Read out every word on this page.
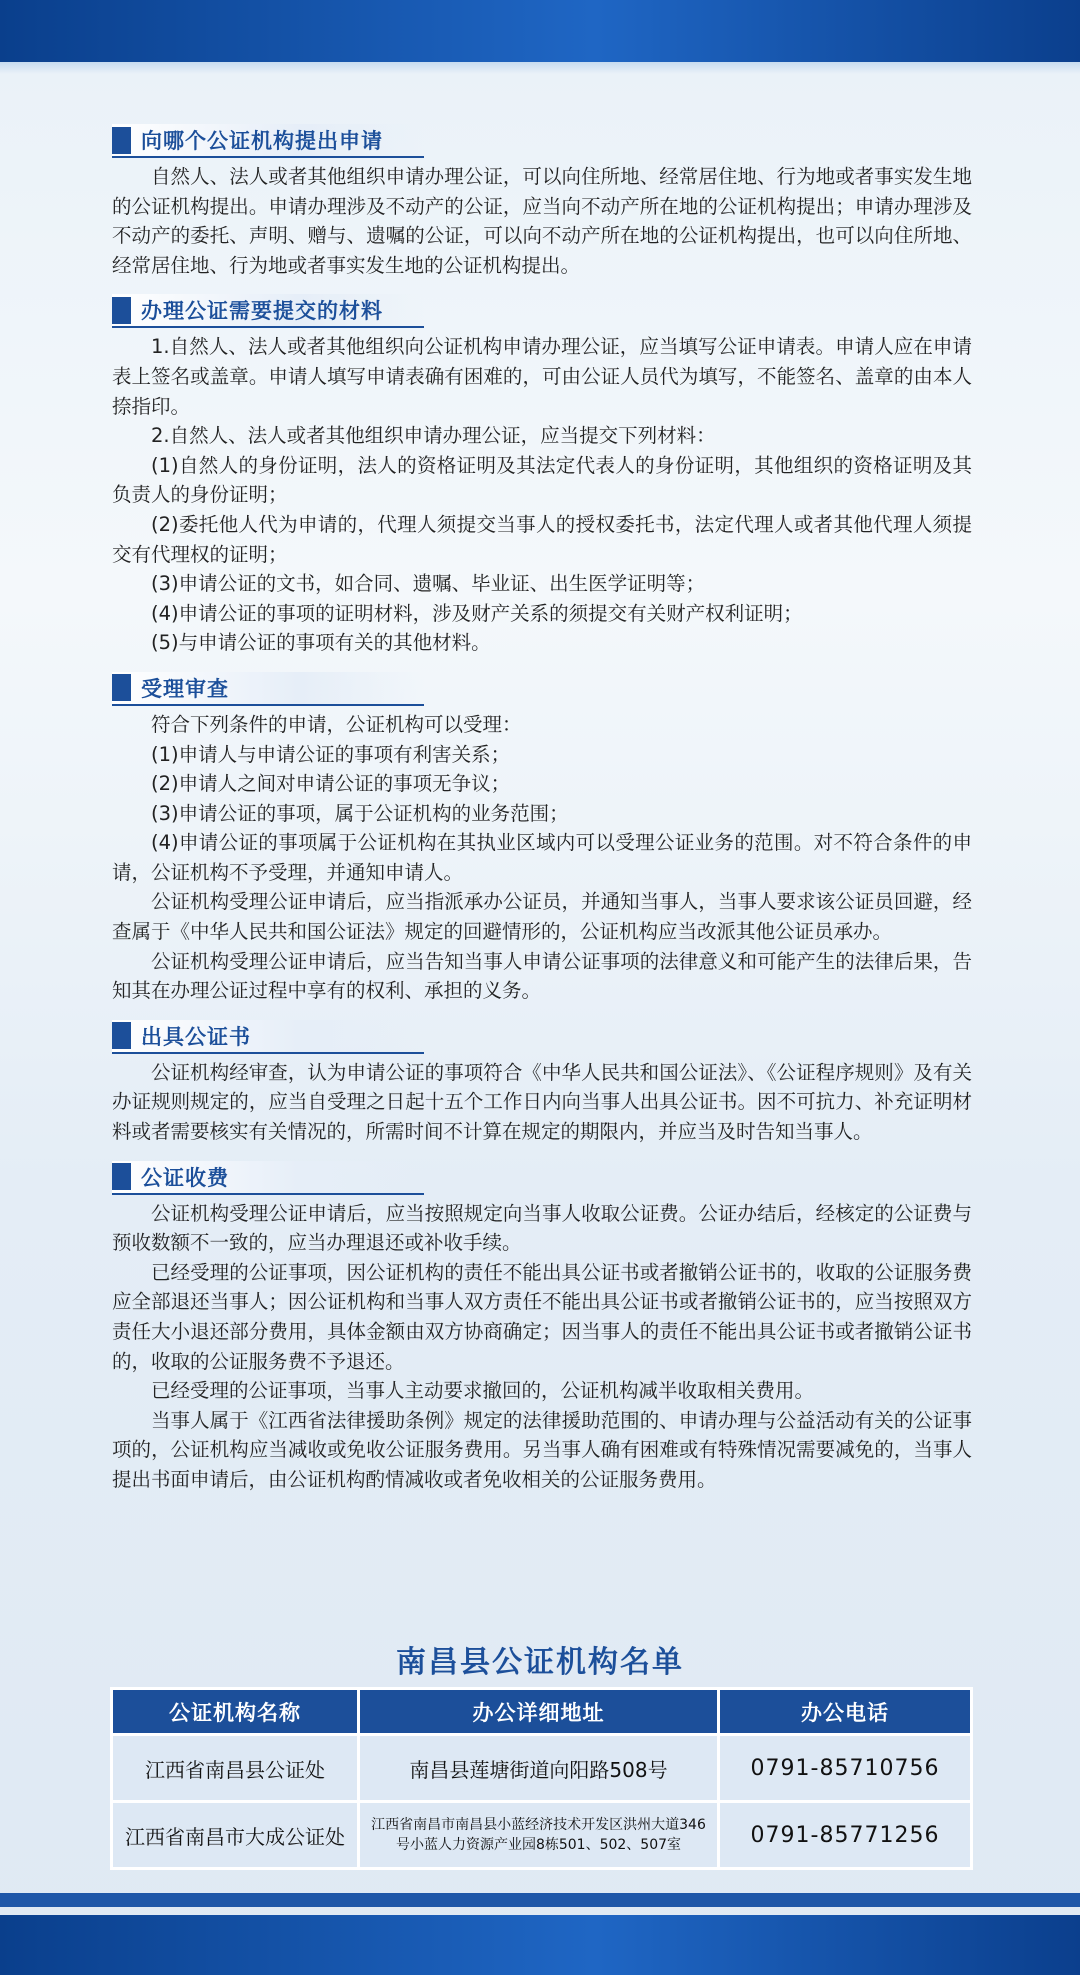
向哪个公证机构提出申请

自然人、法人或者其他组织申请办理公证，可以向住所地、经常居住地、行为地或者事实发生地的公证机构提出。申请办理涉及不动产的公证，应当向不动产所在地的公证机构提出；申请办理涉及不动产的委托、声明、赠与、遗嘱的公证，可以向不动产所在地的公证机构提出，也可以向住所地、经常居住地、行为地或者事实发生地的公证机构提出。

办理公证需要提交的材料

1.自然人、法人或者其他组织向公证机构申请办理公证，应当填写公证申请表。申请人应在申请表上签名或盖章。申请人填写申请表确有困难的，可由公证人员代为填写，不能签名、盖章的由本人捺指印。

2.自然人、法人或者其他组织申请办理公证，应当提交下列材料：

(1)自然人的身份证明，法人的资格证明及其法定代表人的身份证明，其他组织的资格证明及其负责人的身份证明；

(2)委托他人代为申请的，代理人须提交当事人的授权委托书，法定代理人或者其他代理人须提交有代理权的证明；

(3)申请公证的文书，如合同、遗嘱、毕业证、出生医学证明等；

(4)申请公证的事项的证明材料，涉及财产关系的须提交有关财产权利证明；

(5)与申请公证的事项有关的其他材料。

受理审查

符合下列条件的申请，公证机构可以受理：

(1)申请人与申请公证的事项有利害关系；

(2)申请人之间对申请公证的事项无争议；

(3)申请公证的事项，属于公证机构的业务范围；

(4)申请公证的事项属于公证机构在其执业区域内可以受理公证业务的范围。对不符合条件的申请，公证机构不予受理，并通知申请人。

公证机构受理公证申请后，应当指派承办公证员，并通知当事人，当事人要求该公证员回避，经查属于《中华人民共和国公证法》规定的回避情形的，公证机构应当改派其他公证员承办。

公证机构受理公证申请后，应当告知当事人申请公证事项的法律意义和可能产生的法律后果，告知其在办理公证过程中享有的权利、承担的义务。

出具公证书

公证机构经审查，认为申请公证的事项符合《中华人民共和国公证法》、《公证程序规则》及有关办证规则规定的，应当自受理之日起十五个工作日内向当事人出具公证书。因不可抗力、补充证明材料或者需要核实有关情况的，所需时间不计算在规定的期限内，并应当及时告知当事人。

公证收费

公证机构受理公证申请后，应当按照规定向当事人收取公证费。公证办结后，经核定的公证费与预收数额不一致的，应当办理退还或补收手续。

已经受理的公证事项，因公证机构的责任不能出具公证书或者撤销公证书的，收取的公证服务费应全部退还当事人；因公证机构和当事人双方责任不能出具公证书或者撤销公证书的，应当按照双方责任大小退还部分费用，具体金额由双方协商确定；因当事人的责任不能出具公证书或者撤销公证书的，收取的公证服务费不予退还。

已经受理的公证事项，当事人主动要求撤回的，公证机构减半收取相关费用。

当事人属于《江西省法律援助条例》规定的法律援助范围的、申请办理与公益活动有关的公证事项的，公证机构应当减收或免收公证服务费用。另当事人确有困难或有特殊情况需要减免的，当事人提出书面申请后，由公证机构酌情减收或者免收相关的公证服务费用。

南昌县公证机构名单
公证机构名称	办公详细地址	办公电话
江西省南昌县公证处	南昌县莲塘街道向阳路508号	0791-85710756
江西省南昌市大成公证处	江西省南昌市南昌县小蓝经济技术开发区洪州大道346号小蓝人力资源产业园8栋501、502、507室	0791-85771256
